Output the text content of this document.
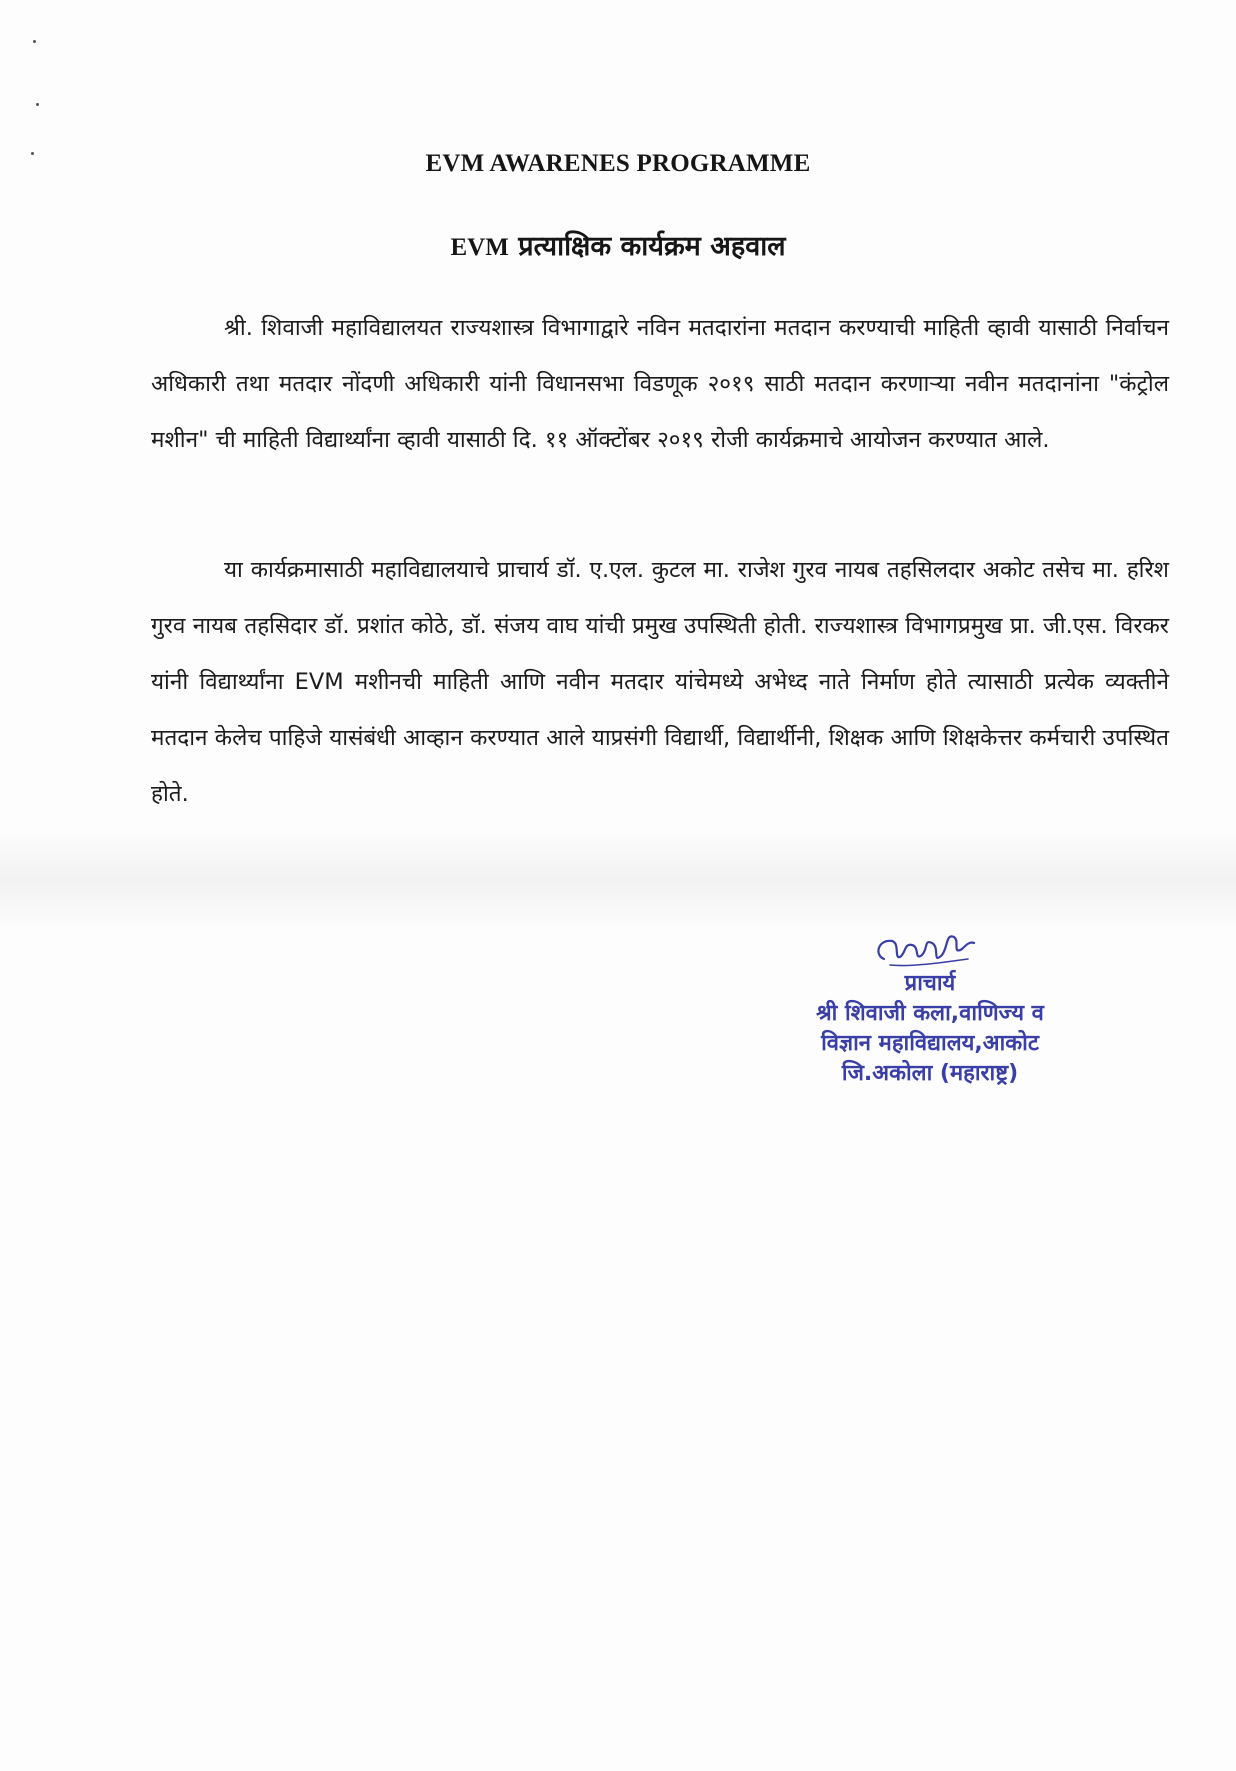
EVM AWARENES PROGRAMME
EVM प्रत्याक्षिक कार्यक्रम अहवाल

श्री. शिवाजी महाविद्यालयत राज्यशास्त्र विभागाद्वारे नविन मतदारांना मतदान करण्याची माहिती व्हावी यासाठी निर्वाचन अधिकारी तथा मतदार नोंदणी अधिकारी यांनी विधानसभा विडणूक २०१९ साठी मतदान करणाऱ्या नवीन मतदानांना "कंट्रोल मशीन" ची माहिती विद्यार्थ्यांना व्हावी यासाठी दि. ११ ऑक्टोंबर २०१९ रोजी कार्यक्रमाचे आयोजन करण्यात आले.

या कार्यक्रमासाठी महाविद्यालयाचे प्राचार्य डॉ. ए.एल. कुटल मा. राजेश गुरव नायब तहसिलदार अकोट तसेच मा. हरिश गुरव नायब तहसिदार डॉ. प्रशांत कोठे, डॉ. संजय वाघ यांची प्रमुख उपस्थिती होती. राज्यशास्त्र विभागप्रमुख प्रा. जी.एस. विरकर यांनी विद्यार्थ्यांना EVM मशीनची माहिती आणि नवीन मतदार यांचेमध्ये अभेध्द नाते निर्माण होते त्यासाठी प्रत्येक व्यक्तीने मतदान केलेच पाहिजे यासंबंधी आव्हान करण्यात आले याप्रसंगी विद्यार्थी, विद्यार्थीनी, शिक्षक आणि शिक्षकेत्तर कर्मचारी उपस्थित होते.

प्राचार्य
श्री शिवाजी कला,वाणिज्य व
विज्ञान महाविद्यालय,आकोट
जि.अकोला (महाराष्ट्र)
